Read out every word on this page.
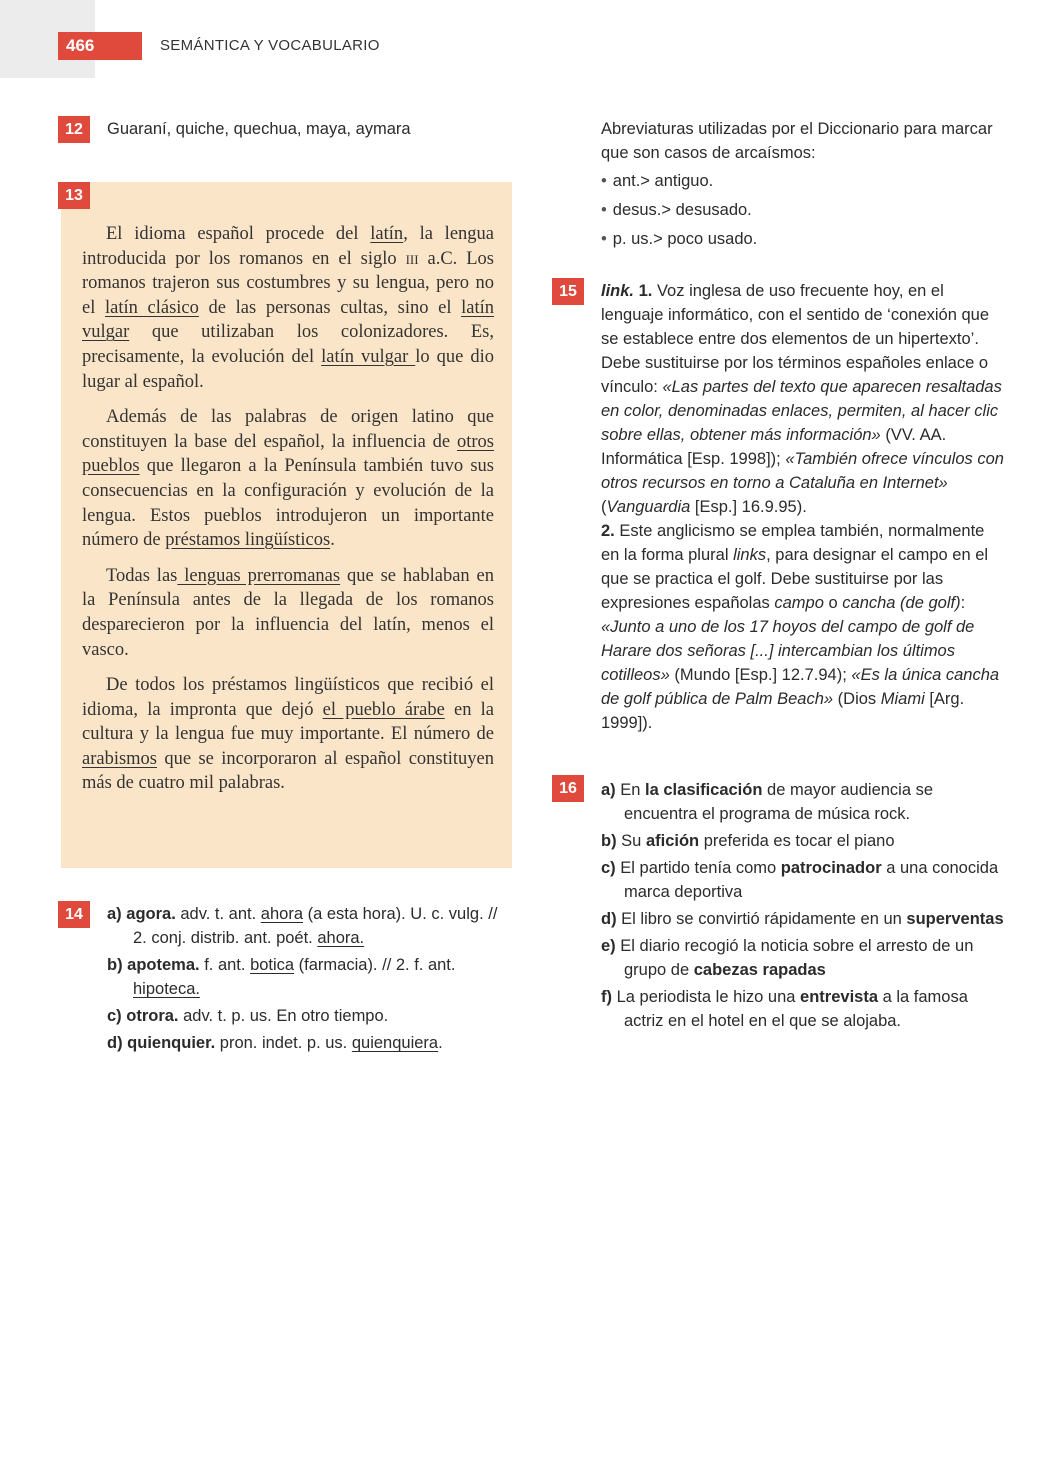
466	SEMÁNTICA Y VOCABULARIO
12	Guaraní, quiche, quechua, maya, aymara
13

El idioma español procede del latín, la lengua introducida por los romanos en el siglo iii a.C. Los romanos trajeron sus costumbres y su lengua, pero no el latín clásico de las personas cultas, sino el latín vulgar que utilizaban los colonizadores. Es, precisamente, la evolución del latín vulgar lo que dio lugar al español.

Además de las palabras de origen latino que constituyen la base del español, la influencia de otros pueblos que llegaron a la Península también tuvo sus consecuencias en la configuración y evolución de la lengua. Estos pueblos introdujeron un importante número de préstamos lingüísticos.

Todas las lenguas prerromanas que se hablaban en la Península antes de la llegada de los romanos desparecieron por la influencia del latín, menos el vasco.

De todos los préstamos lingüísticos que recibió el idioma, la impronta que dejó el pueblo árabe en la cultura y la lengua fue muy importante. El número de arabismos que se incorporaron al español constituyen más de cuatro mil palabras.

14	a) agora. adv. t. ant. ahora (a esta hora). U. c. vulg. // 2. conj. distrib. ant. poét. ahora.
b) apotema. f. ant. botica (farmacia). // 2. f. ant. hipoteca.
c) otrora. adv. t. p. us. En otro tiempo.
d) quienquier. pron. indet. p. us. quienquiera.

Abreviaturas utilizadas por el Diccionario para marcar que son casos de arcaísmos:

• ant.> antiguo.
• desus.> desusado.
• p. us.> poco usado.
15	link. 1. Voz inglesa de uso frecuente hoy, en el lenguaje informático, con el sentido de ‘conexión que se establece entre dos elementos de un hipertexto’. Debe sustituirse por los términos españoles enlace o vínculo: «Las partes del texto que aparecen resaltadas en color, denominadas enlaces, permiten, al hacer clic sobre ellas, obtener más información» (VV. AA. Informática [Esp. 1998]); «También ofrece vínculos con otros recursos en torno a Cataluña en Internet» (Vanguardia [Esp.] 16.9.95).

2. Este anglicismo se emplea también, normalmente en la forma plural links, para designar el campo en el que se practica el golf. Debe sustituirse por las expresiones españolas campo o cancha (de golf): «Junto a uno de los 17 hoyos del campo de golf de Harare dos señoras [...] intercambian los últimos cotilleos» (Mundo [Esp.] 12.7.94); «Es la única cancha de golf pública de Palm Beach» (Dios Miami [Arg. 1999]).

16	a) En la clasificación de mayor audiencia se encuentra el programa de música rock.

b) Su afición preferida es tocar el piano

c) El partido tenía como patrocinador a una conocida marca deportiva

d) El libro se convirtió rápidamente en un superventas

e) El diario recogió la noticia sobre el arresto de un grupo de cabezas rapadas

f) La periodista le hizo una entrevista a la famosa actriz en el hotel en el que se alojaba.
